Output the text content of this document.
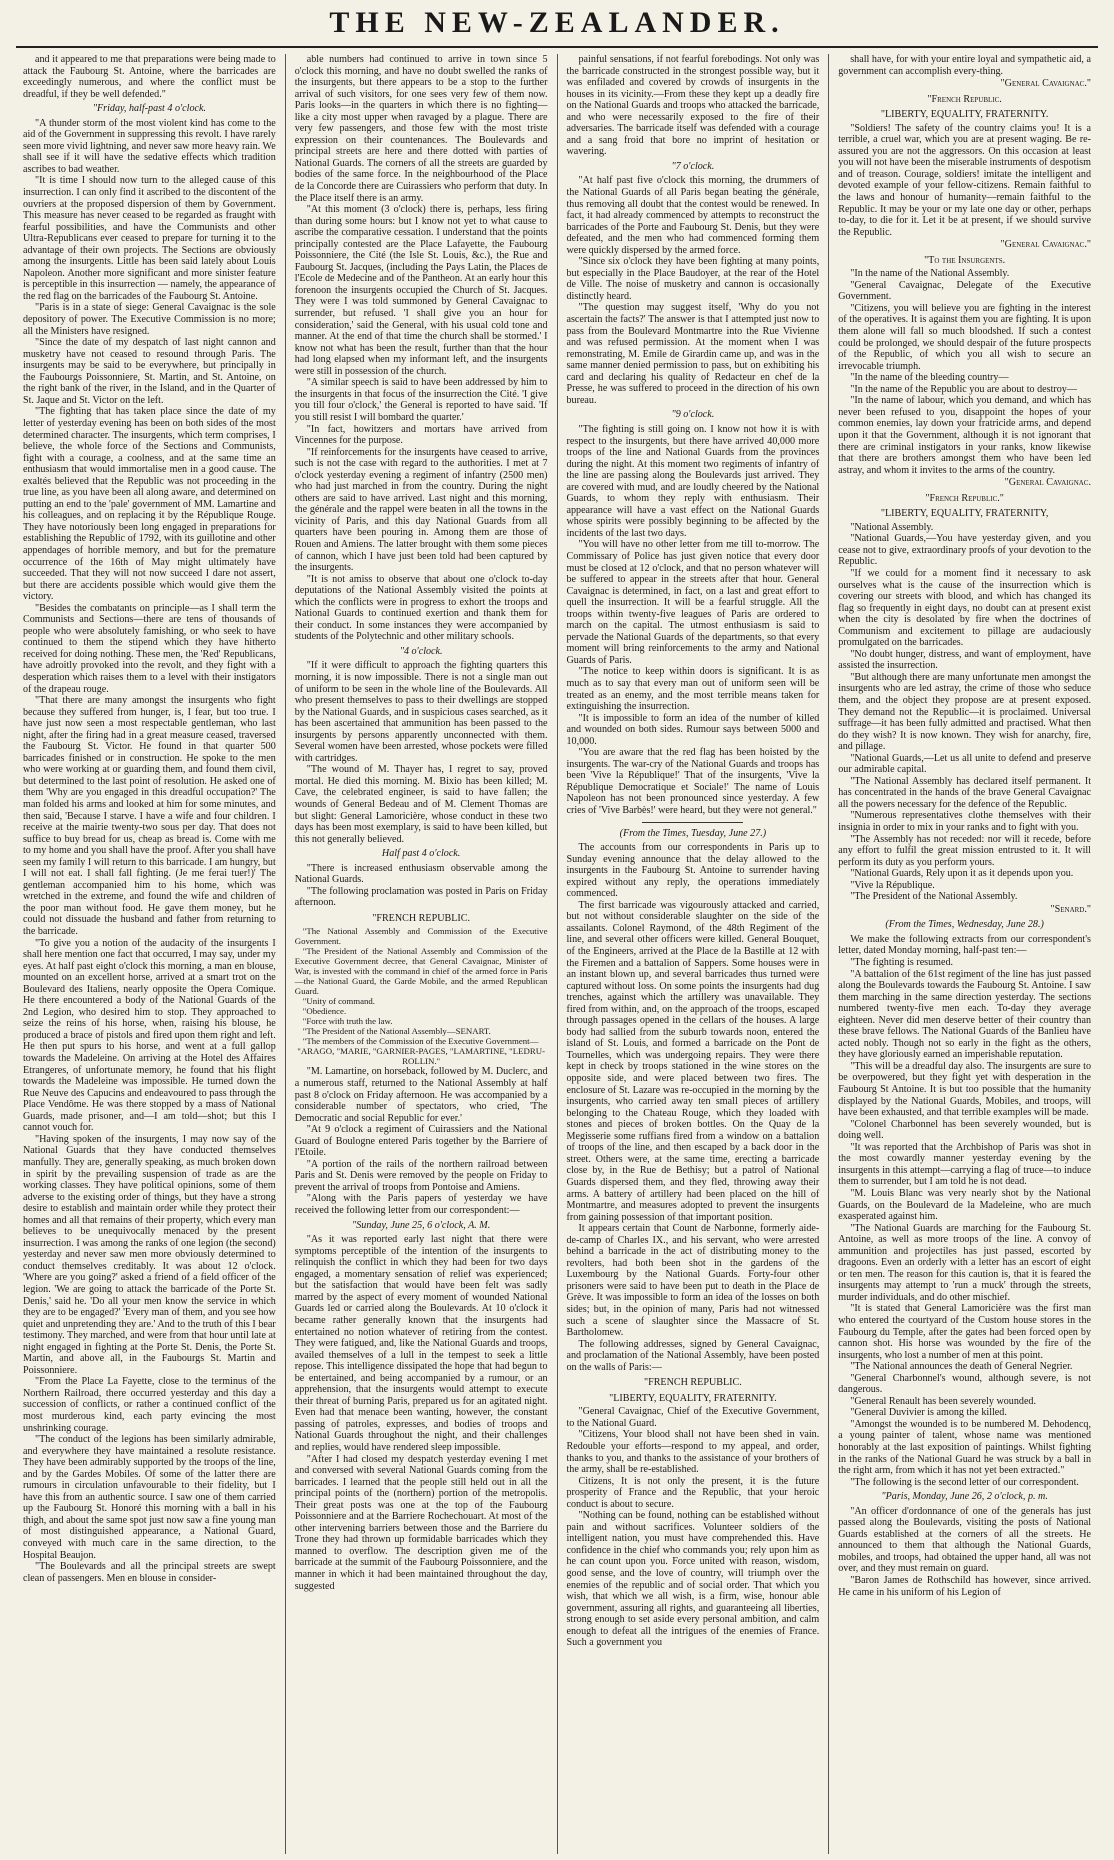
THE NEW-ZEALANDER.

and it appeared to me that preparations were being made to attack the Faubourg St. Antoine, where the barricades are exceedingly numerous, and where the conflict must be dreadful, if they be well defended."

"Friday, half-past 4 o'clock.

"A thunder storm of the most violent kind has come to the aid of the Government in suppressing this revolt. I have rarely seen more vivid lightning, and never saw more heavy rain. We shall see if it will have the sedative effects which tradition ascribes to bad weather.

"It is time I should now turn to the alleged cause of this insurrection. I can only find it ascribed to the discontent of the ouvriers at the proposed dispersion of them by Government. This measure has never ceased to be regarded as fraught with fearful possibilities, and have the Communists and other Ultra-Republicans ever ceased to prepare for turning it to the advantage of their own projects. The Sections are obviously among the insurgents. Little has been said lately about Louis Napoleon. Another more significant and more sinister feature is perceptible in this insurrection — namely, the appearance of the red flag on the barricades of the Faubourg St. Antoine.

"Paris is in a state of siege: General Cavaignac is the sole depository of power. The Executive Commission is no more; all the Ministers have resigned.

"Since the date of my despatch of last night cannon and musketry have not ceased to resound through Paris. The insurgents may be said to be everywhere, but principally in the Faubourgs Poissonniere, St. Martin, and St. Antoine, on the right bank of the river, in the Island, and in the Quarter of St. Jaque and St. Victor on the left.

"The fighting that has taken place since the date of my letter of yesterday evening has been on both sides of the most determined character. The insurgents, which term comprises, I believe, the whole force of the Sections and Communists, fight with a courage, a coolness, and at the same time an enthusiasm that would immortalise men in a good cause. The exaltés believed that the Republic was not proceeding in the true line, as you have been all along aware, and determined on putting an end to the 'pale' government of MM. Lamartine and his colleagues, and on replacing it by the République Rouge. They have notoriously been long engaged in preparations for establishing the Republic of 1792, with its guillotine and other appendages of horrible memory, and but for the premature occurrence of the 16th of May might ultimately have succeeded. That they will not now succeed I dare not assert, but there are accidents possible which would give them the victory.

"Besides the combatants on principle—as I shall term the Communists and Sections—there are tens of thousands of people who were absolutely famishing, or who seek to have continued to them the stipend which they have hitherto received for doing nothing. These men, the 'Red' Republicans, have adroitly provoked into the revolt, and they fight with a desperation which raises them to a level with their instigators of the drapeau rouge.

"That there are many amongst the insurgents who fight because they suffered from hunger, is, I fear, but too true. I have just now seen a most respectable gentleman, who last night, after the firing had in a great measure ceased, traversed the Faubourg St. Victor. He found in that quarter 500 barricades finished or in construction. He spoke to the men who were working at or guarding them, and found them civil, but determined to the last point of resolution. He asked one of them 'Why are you engaged in this dreadful occupation?' The man folded his arms and looked at him for some minutes, and then said, 'Because I starve. I have a wife and four children. I receive at the mairie twenty-two sous per day. That does not suffice to buy bread for us, cheap as bread is. Come with me to my home and you shall have the proof. After you shall have seen my family I will return to this barricade. I am hungry, but I will not eat. I shall fall fighting. (Je me ferai tuer!)' The gentleman accompanied him to his home, which was wretched in the extreme, and found the wife and children of the poor man without food. He gave them money, but he could not dissuade the husband and father from returning to the barricade.

"To give you a notion of the audacity of the insurgents I shall here mention one fact that occurred, I may say, under my eyes. At half past eight o'clock this morning, a man en blouse, mounted on an excellent horse, arrived at a smart trot on the Boulevard des Italiens, nearly opposite the Opera Comique. He there encountered a body of the National Guards of the 2nd Legion, who desired him to stop. They approached to seize the reins of his horse, when, raising his blouse, he produced a brace of pistols and fired upon them right and left. He then put spurs to his horse, and went at a full gallop towards the Madeleine. On arriving at the Hotel des Affaires Etrangeres, of unfortunate memory, he found that his flight towards the Madeleine was impossible. He turned down the Rue Neuve des Capucins and endeavoured to pass through the Place Vendôme. He was there stopped by a mass of National Guards, made prisoner, and—I am told—shot; but this I cannot vouch for.

"Having spoken of the insurgents, I may now say of the National Guards that they have conducted themselves manfully. They are, generally speaking, as much broken down in spirit by the prevailing suspension of trade as are the working classes. They have political opinions, some of them adverse to the existing order of things, but they have a strong desire to establish and maintain order while they protect their homes and all that remains of their property, which every man believes to be unequivocally menaced by the present insurrection. I was among the ranks of one legion (the second) yesterday and never saw men more obviously determined to conduct themselves creditably. It was about 12 o'clock. 'Where are you going?' asked a friend of a field officer of the legion. 'We are going to attack the barricade of the Porte St. Denis,' said he. 'Do all your men know the service in which they are to be engaged?' 'Every man of them, and you see how quiet and unpretending they are.' And to the truth of this I bear testimony. They marched, and were from that hour until late at night engaged in fighting at the Porte St. Denis, the Porte St. Martin, and above all, in the Faubourgs St. Martin and Poissonniere.

"From the Place La Fayette, close to the terminus of the Northern Railroad, there occurred yesterday and this day a succession of conflicts, or rather a continued conflict of the most murderous kind, each party evincing the most unshrinking courage.

"The conduct of the legions has been similarly admirable, and everywhere they have maintained a resolute resistance. They have been admirably supported by the troops of the line, and by the Gardes Mobiles. Of some of the latter there are rumours in circulation unfavourable to their fidelity, but I have this from an authentic source. I saw one of them carried up the Faubourg St. Honoré this morning with a ball in his thigh, and about the same spot just now saw a fine young man of most distinguished appearance, a National Guard, conveyed with much care in the same direction, to the Hospital Beaujon.

"The Boulevards and all the principal streets are swept clean of passengers. Men en blouse in consider-

able numbers had continued to arrive in town since 5 o'clock this morning, and have no doubt swelled the ranks of the insurgents, but there appears to be a stop to the further arrival of such visitors, for one sees very few of them now. Paris looks—in the quarters in which there is no fighting—like a city most upper when ravaged by a plague. There are very few passengers, and those few with the most triste expression on their countenances. The Boulevards and principal streets are here and there dotted with parties of National Guards. The corners of all the streets are guarded by bodies of the same force. In the neighbourhood of the Place de la Concorde there are Cuirassiers who perform that duty. In the Place itself there is an army.

"At this moment (3 o'clock) there is, perhaps, less firing than during some hours: but I know not yet to what cause to ascribe the comparative cessation. I understand that the points principally contested are the Place Lafayette, the Faubourg Poissonniere, the Cité (the Isle St. Louis, &c.), the Rue and Faubourg St. Jacques, (including the Pays Latin, the Places de l'Ecole de Medecine and of the Pantheon. At an early hour this forenoon the insurgents occupied the Church of St. Jacques. They were I was told summoned by General Cavaignac to surrender, but refused. 'I shall give you an hour for consideration,' said the General, with his usual cold tone and manner. At the end of that time the church shall be stormed.' I know not what has been the result, further than that the hour had long elapsed when my informant left, and the insurgents were still in possession of the church.

"A similar speech is said to have been addressed by him to the insurgents in that focus of the insurrection the Cité. 'I give you till four o'clock,' the General is reported to have said. 'If you still resist I will bombard the quarter.'

"In fact, howitzers and mortars have arrived from Vincennes for the purpose.

"If reinforcements for the insurgents have ceased to arrive, such is not the case with regard to the authorities. I met at 7 o'clock yesterday evening a regiment of infantry (2500 men) who had just marched in from the country. During the night others are said to have arrived. Last night and this morning, the générale and the rappel were beaten in all the towns in the vicinity of Paris, and this day National Guards from all quarters have been pouring in. Among them are those of Rouen and Amiens. The latter brought with them some pieces of cannon, which I have just been told had been captured by the insurgents.

"It is not amiss to observe that about one o'clock to-day deputations of the National Assembly visited the points at which the conflicts were in progress to exhort the troops and National Guards to continued exertion and thank them for their conduct. In some instances they were accompanied by students of the Polytechnic and other military schools.

"4 o'clock.

"If it were difficult to approach the fighting quarters this morning, it is now impossible. There is not a single man out of uniform to be seen in the whole line of the Boulevards. All who present themselves to pass to their dwellings are stopped by the National Guards, and in suspicious cases searched, as it has been ascertained that ammunition has been passed to the insurgents by persons apparently unconnected with them. Several women have been arrested, whose pockets were filled with cartridges.

"The wound of M. Thayer has, I regret to say, proved mortal. He died this morning. M. Bixio has been killed; M. Cave, the celebrated engineer, is said to have fallen; the wounds of General Bedeau and of M. Clement Thomas are but slight: General Lamoricière, whose conduct in these two days has been most exemplary, is said to have been killed, but this not generally believed.

Half past 4 o'clock.

"There is increased enthusiasm observable among the National Guards.

"The following proclamation was posted in Paris on Friday afternoon.

"FRENCH REPUBLIC.

"The National Assembly and Commission of the Executive Government.

"The President of the National Assembly and Commission of the Executive Government decree, that General Cavaignac, Minister of War, is invested with the command in chief of the armed force in Paris—the National Guard, the Garde Mobile, and the armed Republican Guard.

"Unity of command.

"Obedience.

"Force with truth the law.

"The President of the National Assembly—SENART.

"The members of the Commission of the Executive Government—

"ARAGO, "MARIE, "GARNIER-PAGES, "LAMARTINE, "LEDRU-ROLLIN."

"M. Lamartine, on horseback, followed by M. Duclerc, and a numerous staff, returned to the National Assembly at half past 8 o'clock on Friday afternoon. He was accompanied by a considerable number of spectators, who cried, 'The Democratic and social Republic for ever.'

"At 9 o'clock a regiment of Cuirassiers and the National Guard of Boulogne entered Paris together by the Barriere of l'Etoile.

"A portion of the rails of the northern railroad between Paris and St. Denis were removed by the people on Friday to prevent the arrival of troops from Pontoise and Amiens.

"Along with the Paris papers of yesterday we have received the following letter from our correspondent:—

"Sunday, June 25, 6 o'clock, A. M.

"As it was reported early last night that there were symptoms perceptible of the intention of the insurgents to relinquish the conflict in which they had been for two days engaged, a momentary sensation of relief was experienced; but the satisfaction that would have been felt was sadly marred by the aspect of every moment of wounded National Guards led or carried along the Boulevards. At 10 o'clock it became rather generally known that the insurgents had entertained no notion whatever of retiring from the contest. They were fatigued, and, like the National Guards and troops, availed themselves of a lull in the tempest to seek a little repose. This intelligence dissipated the hope that had begun to be entertained, and being accompanied by a rumour, or an apprehension, that the insurgents would attempt to execute their threat of burning Paris, prepared us for an agitated night. Even had that menace been wanting, however, the constant passing of patroles, expresses, and bodies of troops and National Guards throughout the night, and their challenges and replies, would have rendered sleep impossible.

"After I had closed my despatch yesterday evening I met and conversed with several National Guards coming from the barricades. I learned that the people still held out in all the principal points of the (northern) portion of the metropolis. Their great posts was one at the top of the Faubourg Poissonniere and at the Barriere Rochechouart. At most of the other intervening barriers between those and the Barriere du Trone they had thrown up formidable barricades which they manned to overflow. The description given me of the barricade at the summit of the Faubourg Poissonniere, and the manner in which it had been maintained throughout the day, suggested

painful sensations, if not fearful forebodings. Not only was the barricade constructed in the strongest possible way, but it was enfiladed and covered by crowds of insurgents in the houses in its vicinity.—From these they kept up a deadly fire on the National Guards and troops who attacked the barricade, and who were necessarily exposed to the fire of their adversaries. The barricade itself was defended with a courage and a sang froid that bore no imprint of hesitation or wavering.

"7 o'clock.

"At half past five o'clock this morning, the drummers of the National Guards of all Paris began beating the générale, thus removing all doubt that the contest would be renewed. In fact, it had already commenced by attempts to reconstruct the barricades of the Porte and Faubourg St. Denis, but they were defeated, and the men who had commenced forming them were quickly dispersed by the armed force.

"Since six o'clock they have been fighting at many points, but especially in the Place Baudoyer, at the rear of the Hotel de Ville. The noise of musketry and cannon is occasionally distinctly heard.

"The question may suggest itself, 'Why do you not ascertain the facts?' The answer is that I attempted just now to pass from the Boulevard Montmartre into the Rue Vivienne and was refused permission. At the moment when I was remonstrating, M. Emile de Girardin came up, and was in the same manner denied permission to pass, but on exhibiting his card and declaring his quality of Redacteur en chef de la Presse, he was suffered to proceed in the direction of his own bureau.

"9 o'clock.

"The fighting is still going on. I know not how it is with respect to the insurgents, but there have arrived 40,000 more troops of the line and National Guards from the provinces during the night. At this moment two regiments of infantry of the line are passing along the Boulevards just arrived. They are covered with mud, and are loudly cheered by the National Guards, to whom they reply with enthusiasm. Their appearance will have a vast effect on the National Guards whose spirits were possibly beginning to be affected by the incidents of the last two days.

"You will have no other letter from me till to-morrow. The Commissary of Police has just given notice that every door must be closed at 12 o'clock, and that no person whatever will be suffered to appear in the streets after that hour. General Cavaignac is determined, in fact, on a last and great effort to quell the insurrection. It will be a fearful struggle. All the troops within twenty-five leagues of Paris are ordered to march on the capital. The utmost enthusiasm is said to pervade the National Guards of the departments, so that every moment will bring reinforcements to the army and National Guards of Paris.

"The notice to keep within doors is significant. It is as much as to say that every man out of uniform seen will be treated as an enemy, and the most terrible means taken for extinguishing the insurrection.

"It is impossible to form an idea of the number of killed and wounded on both sides. Rumour says between 5000 and 10,000.

"You are aware that the red flag has been hoisted by the insurgents. The war-cry of the National Guards and troops has been 'Vive la République!' That of the insurgents, 'Vive la République Democratique et Sociale!' The name of Louis Napoleon has not been pronounced since yesterday. A few cries of 'Vive Barbès!' were heard, but they were not general."

(From the Times, Tuesday, June 27.)

The accounts from our correspondents in Paris up to Sunday evening announce that the delay allowed to the insurgents in the Faubourg St. Antoine to surrender having expired without any reply, the operations immediately commenced.

The first barricade was vigourously attacked and carried, but not without considerable slaughter on the side of the assailants. Colonel Raymond, of the 48th Regiment of the line, and several other officers were killed. General Bouquet, of the Engineers, arrived at the Place de la Bastille at 12 with the Firemen and a battalion of Sappers. Some houses were in an instant blown up, and several barricades thus turned were captured without loss. On some points the insurgents had dug trenches, against which the artillery was unavailable. They fired from within, and, on the approach of the troops, escaped through passages opened in the cellars of the houses. A large body had sallied from the suburb towards noon, entered the island of St. Louis, and formed a barricade on the Pont de Tournelles, which was undergoing repairs. They were there kept in check by troops stationed in the wine stores on the opposite side, and were placed between two fires. The enclosure of St. Lazare was re-occupied in the morning by the insurgents, who carried away ten small pieces of artillery belonging to the Chateau Rouge, which they loaded with stones and pieces of broken bottles. On the Quay de la Megisserie some ruffians fired from a window on a battalion of troops of the line, and then escaped by a back door in the street. Others were, at the same time, erecting a barricade close by, in the Rue de Bethisy; but a patrol of National Guards dispersed them, and they fled, throwing away their arms. A battery of artillery had been placed on the hill of Montmartre, and measures adopted to prevent the insurgents from gaining possession of that important position.

It appears certain that Count de Narbonne, formerly aide-de-camp of Charles IX., and his servant, who were arrested behind a barricade in the act of distributing money to the revolters, had both been shot in the gardens of the Luxembourg by the National Guards. Forty-four other prisoners were said to have been put to death in the Place de Grève. It was impossible to form an idea of the losses on both sides; but, in the opinion of many, Paris had not witnessed such a scene of slaughter since the Massacre of St. Bartholomew.

The following addresses, signed by General Cavaignac, and proclamation of the National Assembly, have been posted on the walls of Paris:—

"FRENCH REPUBLIC.

"LIBERTY, EQUALITY, FRATERNITY.

"General Cavaignac, Chief of the Executive Government, to the National Guard.

"Citizens, Your blood shall not have been shed in vain. Redouble your efforts—respond to my appeal, and order, thanks to you, and thanks to the assistance of your brothers of the army, shall be re-established.

Citizens, It is not only the present, it is the future prosperity of France and the Republic, that your heroic conduct is about to secure.

"Nothing can be found, nothing can be established without pain and without sacrifices. Volunteer soldiers of the intelligent nation, you must have comprehended this. Have confidence in the chief who commands you; rely upon him as he can count upon you. Force united with reason, wisdom, good sense, and the love of country, will triumph over the enemies of the republic and of social order. That which you wish, that which we all wish, is a firm, wise, honour able government, assuring all rights, and guaranteeing all liberties, strong enough to set aside every personal ambition, and calm enough to defeat all the intrigues of the enemies of France. Such a government you

shall have, for with your entire loyal and sympathetic aid, a government can accomplish every-thing.

"General Cavaignac."

"French Republic.

"LIBERTY, EQUALITY, FRATERNITY.

"Soldiers! The safety of the country claims you! It is a terrible, a cruel war, which you are at present waging. Be re-assured you are not the aggressors. On this occasion at least you will not have been the miserable instruments of despotism and of treason. Courage, soldiers! imitate the intelligent and devoted example of your fellow-citizens. Remain faithful to the laws and honour of humanity—remain faithful to the Republic. It may be your or my late one day or other, perhaps to-day, to die for it. Let it be at present, if we should survive the Republic.

"General Cavaignac."

"To the Insurgents.

"In the name of the National Assembly.

"General Cavaignac, Delegate of the Executive Government.

"Citizens, you will believe you are fighting in the interest of the operatives. It is against them you are fighting. It is upon them alone will fall so much bloodshed. If such a contest could be prolonged, we should despair of the future prospects of the Republic, of which you all wish to secure an irrevocable triumph.

"In the name of the bleeding country—

"In the name of the Republic you are about to destroy—

"In the name of labour, which you demand, and which has never been refused to you, disappoint the hopes of your common enemies, lay down your fratricide arms, and depend upon it that the Government, although it is not ignorant that there are criminal instigators in your ranks, know likewise that there are brothers amongst them who have been led astray, and whom it invites to the arms of the country.

"General Cavaignac.

"French Republic."

"LIBERTY, EQUALITY, FRATERNITY,

"National Assembly.

"National Guards,—You have yesterday given, and you cease not to give, extraordinary proofs of your devotion to the Republic.

"If we could for a moment find it necessary to ask ourselves what is the cause of the insurrection which is covering our streets with blood, and which has changed its flag so frequently in eight days, no doubt can at present exist when the city is desolated by fire when the doctrines of Communism and excitement to pillage are audaciously promulgated on the barricades.

"No doubt hunger, distress, and want of employment, have assisted the insurrection.

"But although there are many unfortunate men amongst the insurgents who are led astray, the crime of those who seduce them, and the object they propose are at present exposed. They demand not the Republic—it is proclaimed. Universal suffrage—it has been fully admitted and practised. What then do they wish? It is now known. They wish for anarchy, fire, and pillage.

"National Guards,—Let us all unite to defend and preserve our admirable capital.

"The National Assembly has declared itself permanent. It has concentrated in the hands of the brave General Cavaignac all the powers necessary for the defence of the Republic.

"Numerous representatives clothe themselves with their insignia in order to mix in your ranks and to fight with you.

"The Assembly has not receded: nor will it recede, before any effort to fulfil the great mission entrusted to it. It will perform its duty as you perform yours.

"National Guards, Rely upon it as it depends upon you.

"Vive la République.

"The President of the National Assembly.

"Senard."

(From the Times, Wednesday, June 28.)

We make the following extracts from our correspondent's letter, dated Monday morning, half-past ten:—

"The fighting is resumed.

"A battalion of the 61st regiment of the line has just passed along the Boulevards towards the Faubourg St. Antoine. I saw them marching in the same direction yesterday. The sections numbered twenty-five men each. To-day they average eighteen. Never did men deserve better of their country than these brave fellows. The National Guards of the Banlieu have acted nobly. Though not so early in the fight as the others, they have gloriously earned an imperishable reputation.

"This will be a dreadful day also. The insurgents are sure to be overpowered, but they fight yet with desperation in the Faubourg St Antoine. It is but too possible that the humanity displayed by the National Guards, Mobiles, and troops, will have been exhausted, and that terrible examples will be made.

"Colonel Charbonnel has been severely wounded, but is doing well.

"It was reported that the Archbishop of Paris was shot in the most cowardly manner yesterday evening by the insurgents in this attempt—carrying a flag of truce—to induce them to surrender, but I am told he is not dead.

"M. Louis Blanc was very nearly shot by the National Guards, on the Boulevard de la Madeleine, who are much exasperated against him.

"The National Guards are marching for the Faubourg St. Antoine, as well as more troops of the line. A convoy of ammunition and projectiles has just passed, escorted by dragoons. Even an orderly with a letter has an escort of eight or ten men. The reason for this caution is, that it is feared the insurgents may attempt to 'run a muck' through the streets, murder individuals, and do other mischief.

"It is stated that General Lamoricière was the first man who entered the courtyard of the Custom house stores in the Faubourg du Temple, after the gates had been forced open by cannon shot. His horse was wounded by the fire of the insurgents, who lost a number of men at this point.

"The National announces the death of General Negrier.

"General Charbonnel's wound, although severe, is not dangerous.

"General Renault has been severely wounded.

"General Duvivier is among the killed.

"Amongst the wounded is to be numbered M. Dehodencq, a young painter of talent, whose name was mentioned honorably at the last exposition of paintings. Whilst fighting in the ranks of the National Guard he was struck by a ball in the right arm, from which it has not yet been extracted."

"The following is the second letter of our correspondent.

"Paris, Monday, June 26, 2 o'clock, p. m.

"An officer d'ordonnance of one of the generals has just passed along the Boulevards, visiting the posts of National Guards established at the corners of all the streets. He announced to them that although the National Guards, mobiles, and troops, had obtained the upper hand, all was not over, and they must remain on guard.

"Baron James de Rothschild has however, since arrived. He came in his uniform of his Legion of
